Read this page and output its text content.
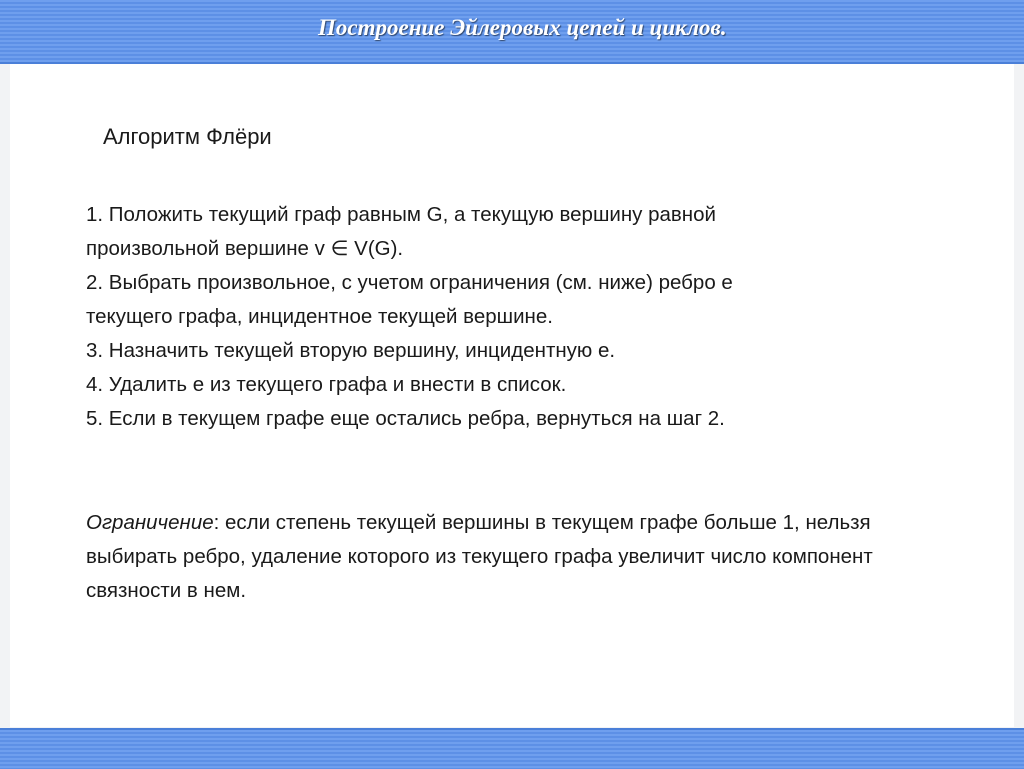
Построение Эйлеровых цепей и циклов.
Алгоритм Флёри
1. Положить текущий граф равным G, а текущую вершину равной
произвольной вершине v ∈ V(G).
2. Выбрать произвольное, с учетом ограничения (см. ниже) ребро e
текущего графа, инцидентное текущей вершине.
3. Назначить текущей вторую вершину, инцидентную e.
4. Удалить e из текущего графа и внести в список.
5. Если в текущем графе еще остались ребра, вернуться на шаг 2.
Ограничение: если степень текущей вершины в текущем графе больше 1, нельзя выбирать ребро, удаление которого из текущего графа увеличит число компонент связности в нем.
